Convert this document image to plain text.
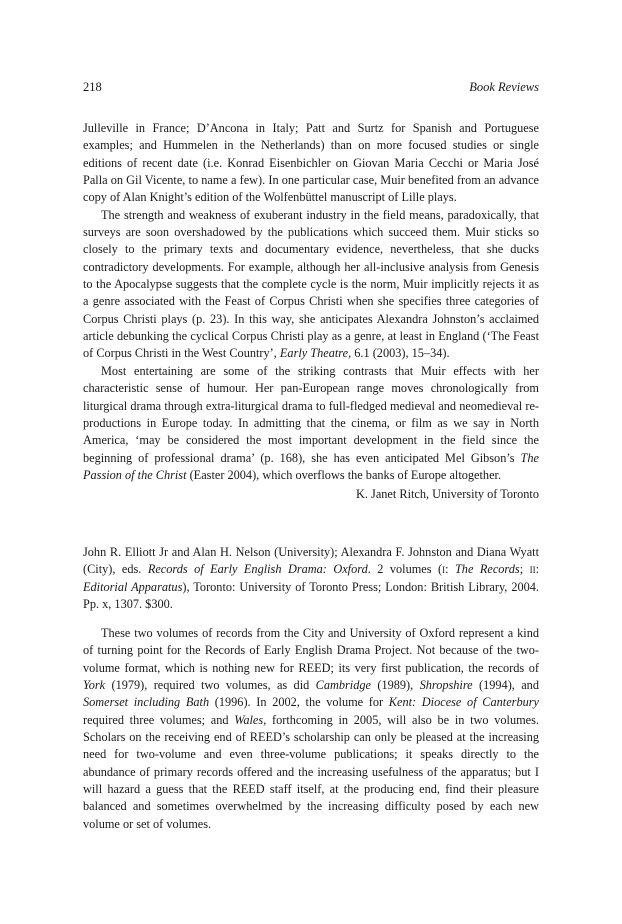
218	Book Reviews

Julleville in France; D’Ancona in Italy; Patt and Surtz for Spanish and Portuguese examples; and Hummelen in the Netherlands) than on more focused studies or single editions of recent date (i.e. Konrad Eisenbichler on Giovan Maria Cecchi or Maria José Palla on Gil Vicente, to name a few). In one particular case, Muir benefited from an advance copy of Alan Knight’s edition of the Wolfenbüttel manuscript of Lille plays.

The strength and weakness of exuberant industry in the field means, paradoxically, that surveys are soon overshadowed by the publications which succeed them. Muir sticks so closely to the primary texts and documentary evidence, nevertheless, that she ducks contradictory developments. For example, although her all-inclusive analysis from Genesis to the Apocalypse suggests that the complete cycle is the norm, Muir implicitly rejects it as a genre associated with the Feast of Corpus Christi when she specifies three categories of Corpus Christi plays (p. 23). In this way, she anticipates Alexandra Johnston’s acclaimed article debunking the cyclical Corpus Christi play as a genre, at least in England (‘The Feast of Corpus Christi in the West Country’, Early Theatre, 6.1 (2003), 15–34).

Most entertaining are some of the striking contrasts that Muir effects with her characteristic sense of humour. Her pan-European range moves chronologically from liturgical drama through extra-liturgical drama to full-fledged medieval and neomedieval re-productions in Europe today. In admitting that the cinema, or film as we say in North America, ‘may be considered the most important development in the field since the beginning of professional drama’ (p. 168), she has even anticipated Mel Gibson’s The Passion of the Christ (Easter 2004), which overflows the banks of Europe altogether.

K. Janet Ritch, University of Toronto

John R. Elliott Jr and Alan H. Nelson (University); Alexandra F. Johnston and Diana Wyatt (City), eds. Records of Early English Drama: Oxford. 2 volumes (i: The Records; ii: Editorial Apparatus), Toronto: University of Toronto Press; London: British Library, 2004. Pp. x, 1307. $300.

These two volumes of records from the City and University of Oxford represent a kind of turning point for the Records of Early English Drama Project. Not because of the two-volume format, which is nothing new for REED; its very first publication, the records of York (1979), required two volumes, as did Cambridge (1989), Shropshire (1994), and Somerset including Bath (1996). In 2002, the volume for Kent: Diocese of Canterbury required three volumes; and Wales, forthcoming in 2005, will also be in two volumes. Scholars on the receiving end of REED’s scholarship can only be pleased at the increasing need for two-volume and even three-volume publications; it speaks directly to the abundance of primary records offered and the increasing usefulness of the apparatus; but I will hazard a guess that the REED staff itself, at the producing end, find their pleasure balanced and sometimes overwhelmed by the increasing difficulty posed by each new volume or set of volumes.
